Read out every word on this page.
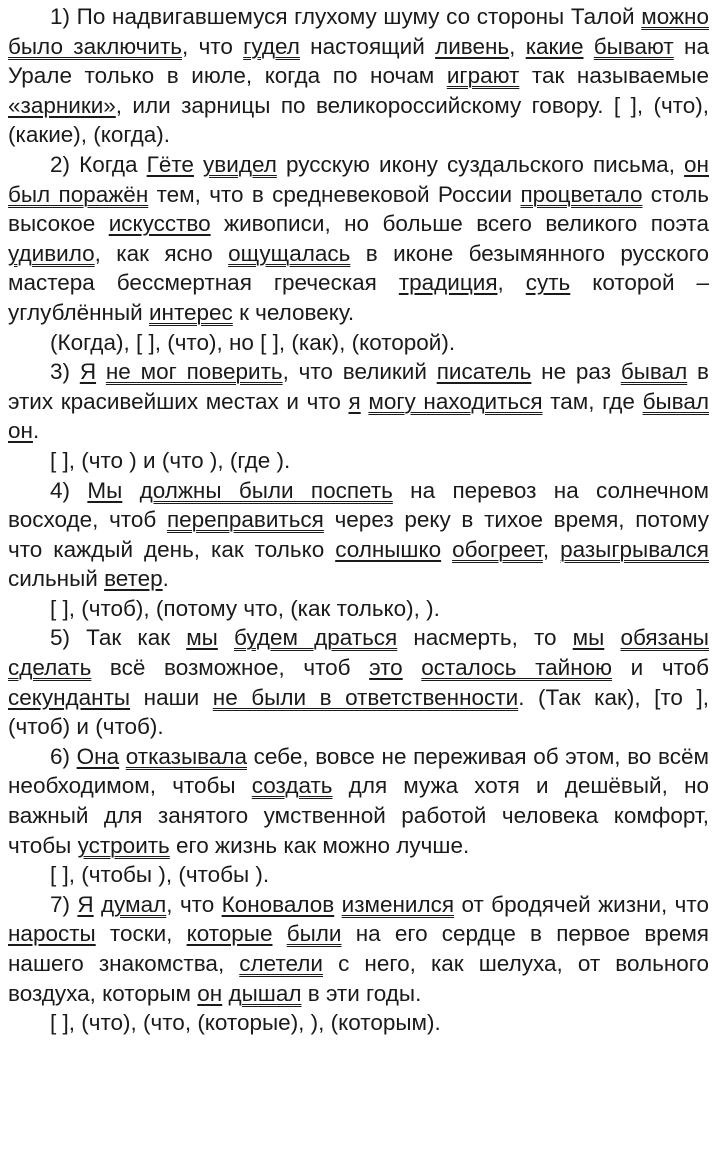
1) По надвигавшемуся глухому шуму со стороны Талой можно было заключить, что гудел настоящий ливень, какие бывают на Урале только в июле, когда по ночам играют так называемые «зарники», или зарницы по великороссийскому говору. [ ], (что), (какие), (когда).

2) Когда Гёте увидел русскую икону суздальского письма, он был поражён тем, что в средневековой России процветало столь высокое искусство живописи, но больше всего великого поэта удивило, как ясно ощущалась в иконе безымянного русского мастера бессмертная греческая традиция, суть которой – углублённый интерес к человеку.

(Когда), [ ], (что), но [ ], (как), (которой).

3) Я не мог поверить, что великий писатель не раз бывал в этих красивейших местах и что я могу находиться там, где бывал он.

[ ], (что ) и (что ), (где ).

4) Мы должны были поспеть на перевоз на солнечном восходе, чтоб переправиться через реку в тихое время, потому что каждый день, как только солнышко обогреет, разыгрывался сильный ветер.

[ ], (чтоб), (потому что, (как только), ).

5) Так как мы будем драться насмерть, то мы обязаны сделать всё возможное, чтоб это осталось тайною и чтоб секунданты наши не были в ответственности. (Так как), [то ], (чтоб) и (чтоб).

6) Она отказывала себе, вовсе не переживая об этом, во всём необходимом, чтобы создать для мужа хотя и дешёвый, но важный для занятого умственной работой человека комфорт, чтобы устроить его жизнь как можно лучше.

[ ], (чтобы ), (чтобы ).

7) Я думал, что Коновалов изменился от бродячей жизни, что наросты тоски, которые были на его сердце в первое время нашего знакомства, слетели с него, как шелуха, от вольного воздуха, которым он дышал в эти годы.

[ ], (что), (что, (которые), ), (которым).
